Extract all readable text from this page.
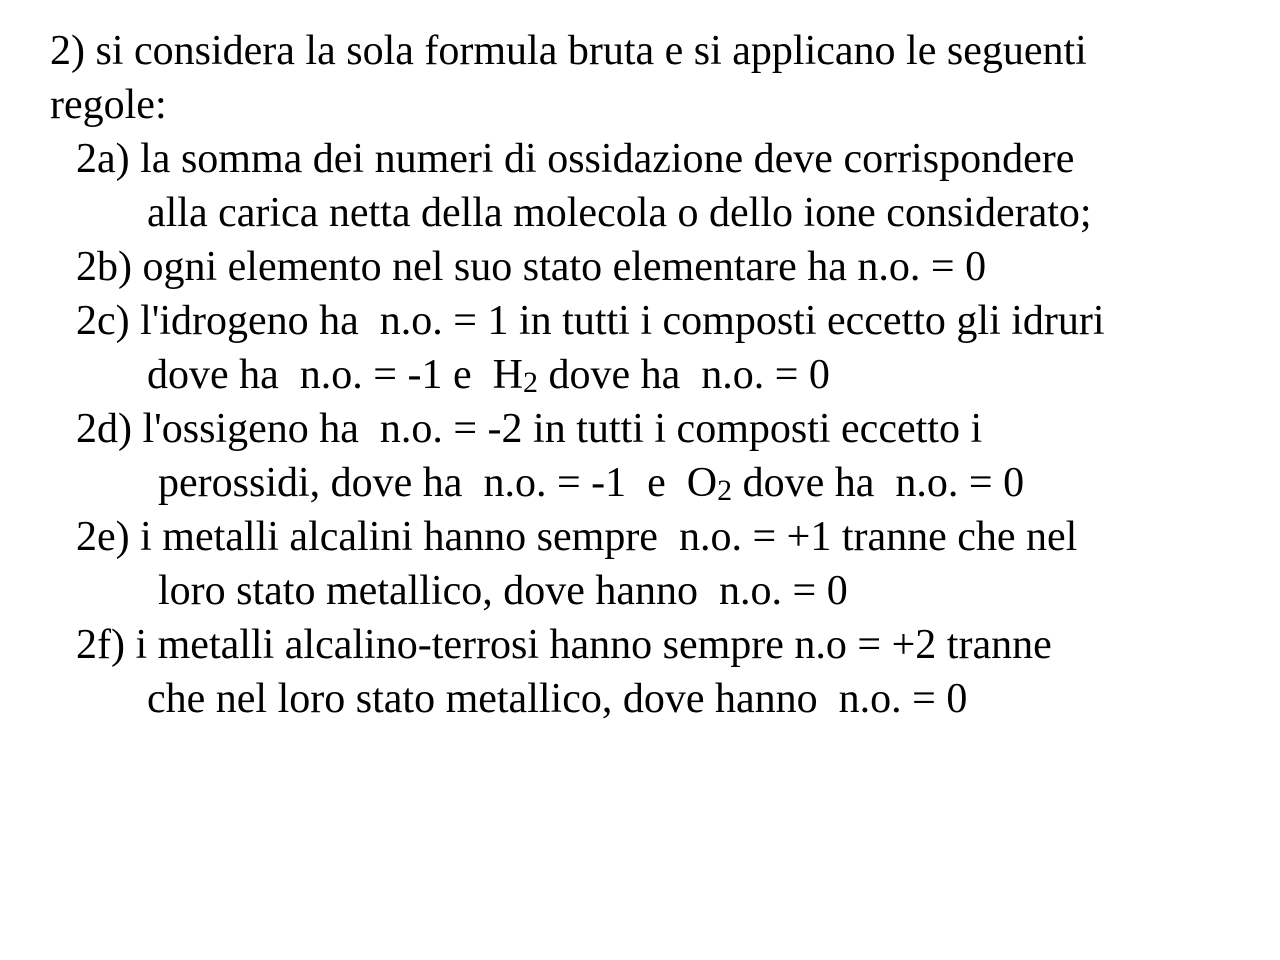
2) si considera la sola formula bruta e si applicano le seguenti
regole:
2a) la somma dei numeri di ossidazione deve corrispondere
alla carica netta della molecola o dello ione considerato;
2b) ogni elemento nel suo stato elementare ha n.o. = 0
2c) l'idrogeno ha  n.o. = 1 in tutti i composti eccetto gli idruri
dove ha  n.o. = -1 e  H2 dove ha  n.o. = 0
2d) l'ossigeno ha  n.o. = -2 in tutti i composti eccetto i
perossidi, dove ha  n.o. = -1  e  O2 dove ha  n.o. = 0
2e) i metalli alcalini hanno sempre  n.o. = +1 tranne che nel
loro stato metallico, dove hanno  n.o. = 0
2f) i metalli alcalino-terrosi hanno sempre n.o = +2 tranne
che nel loro stato metallico, dove hanno  n.o. = 0
